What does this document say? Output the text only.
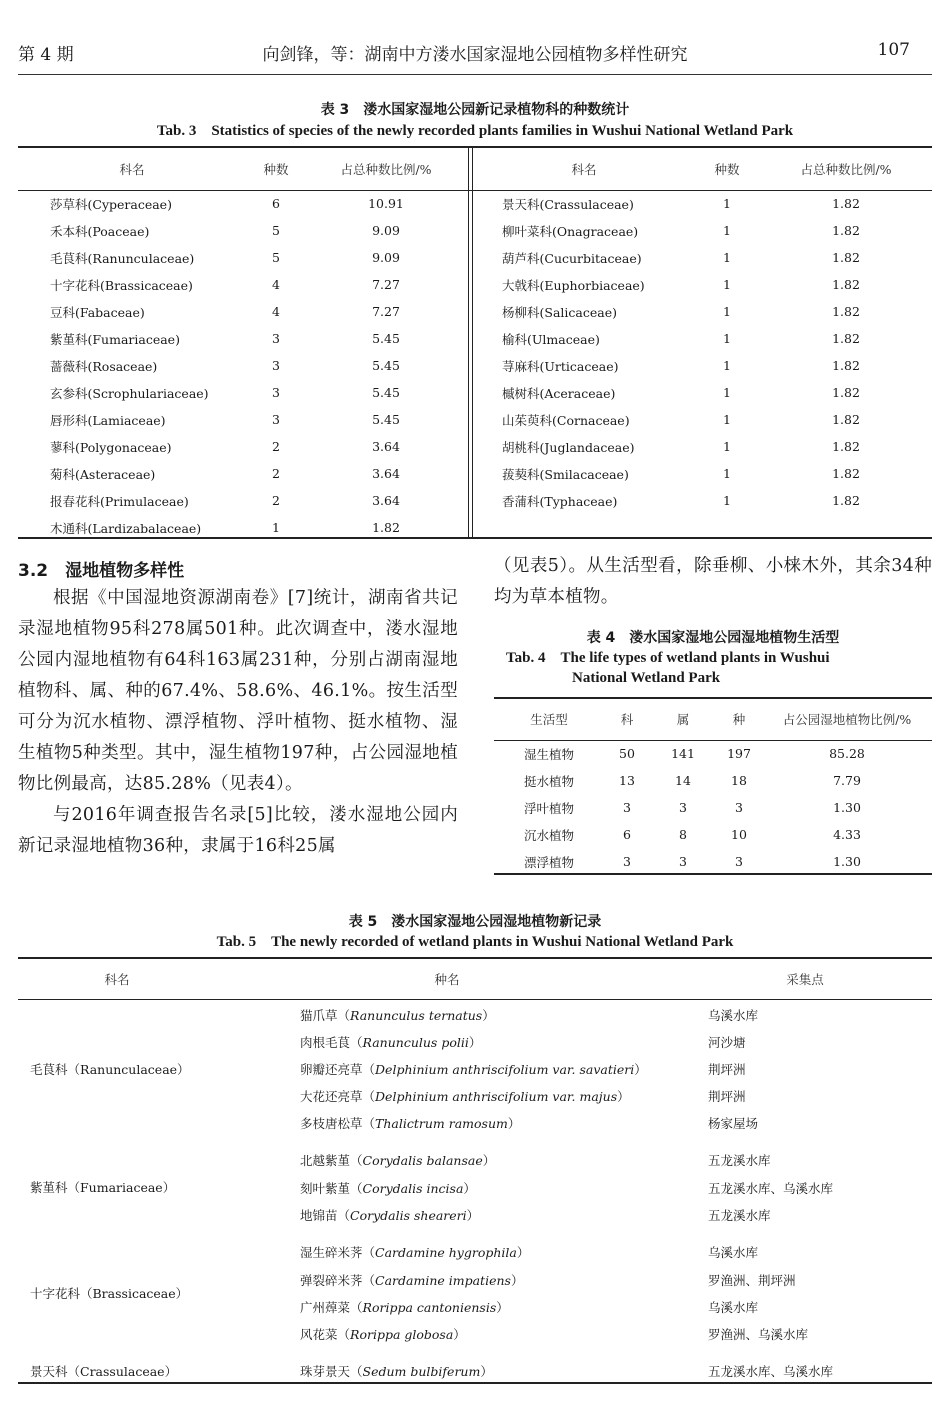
第 4 期	向剑锋，等：湖南中方溇水国家湿地公园植物多样性研究	107
表 3　溇水国家湿地公园新记录植物科的种数统计
Tab. 3　Statistics of species of the newly recorded plants families in Wushui National Wetland Park
科名	种数	占总种数比例/%	科名	种数	占总种数比例/%
莎草科(Cyperaceae)	6	10.91
禾本科(Poaceae)	5	9.09
毛茛科(Ranunculaceae)	5	9.09
十字花科(Brassicaceae)	4	7.27
豆科(Fabaceae)	4	7.27
紫堇科(Fumariaceae)	3	5.45
蔷薇科(Rosaceae)	3	5.45
玄参科(Scrophulariaceae)	3	5.45
唇形科(Lamiaceae)	3	5.45
蓼科(Polygonaceae)	2	3.64
菊科(Asteraceae)	2	3.64
报春花科(Primulaceae)	2	3.64
木通科(Lardizabalaceae)	1	1.82
景天科(Crassulaceae)	1	1.82
柳叶菜科(Onagraceae)	1	1.82
葫芦科(Cucurbitaceae)	1	1.82
大戟科(Euphorbiaceae)	1	1.82
杨柳科(Salicaceae)	1	1.82
榆科(Ulmaceae)	1	1.82
荨麻科(Urticaceae)	1	1.82
槭树科(Aceraceae)	1	1.82
山茱萸科(Cornaceae)	1	1.82
胡桃科(Juglandaceae)	1	1.82
菝葜科(Smilacaceae)	1	1.82
香蒲科(Typhaceae)	1	1.82
3.2　湿地植物多样性

根据《中国湿地资源湖南卷》[7]统计，湖南省共记录湿地植物95科278属501种。此次调查中，溇水湿地公园内湿地植物有64科163属231种，分别占湖南湿地植物科、属、种的67.4%、58.6%、46.1%。按生活型可分为沉水植物、漂浮植物、浮叶植物、挺水植物、湿生植物5种类型。其中，湿生植物197种，占公园湿地植物比例最高，达85.28%（见表4）。

与2016年调查报告名录[5]比较，溇水湿地公园内新记录湿地植物36种，隶属于16科25属

（见表5）。从生活型看，除垂柳、小梾木外，其余34种均为草本植物。

表 4　溇水国家湿地公园湿地植物生活型
Tab. 4　The life types of wetland plants in Wushui
National Wetland Park
生活型	科	属	种	占公园湿地植物比例/%
湿生植物	50	141	197	85.28
挺水植物	13	14	18	7.79
浮叶植物	3	3	3	1.30
沉水植物	6	8	10	4.33
漂浮植物	3	3	3	1.30
表 5　溇水国家湿地公园湿地植物新记录
Tab. 5　The newly recorded of wetland plants in Wushui National Wetland Park
科名	种名	采集点
毛茛科（Ranunculaceae）	猫爪草（Ranunculus ternatus）	乌溪水库
	肉根毛茛（Ranunculus polii）	河沙塘
	卵瓣还亮草（Delphinium anthriscifolium var. savatieri）	荆坪洲
	大花还亮草（Delphinium anthriscifolium var. majus）	荆坪洲
	多枝唐松草（Thalictrum ramosum）	杨家屋场
紫堇科（Fumariaceae）	北越紫堇（Corydalis balansae）	五龙溪水库
	刻叶紫堇（Corydalis incisa）	五龙溪水库、乌溪水库
	地锦苗（Corydalis sheareri）	五龙溪水库
十字花科（Brassicaceae）	湿生碎米荠（Cardamine hygrophila）	乌溪水库
	弹裂碎米荠（Cardamine impatiens）	罗渔洲、荆坪洲
	广州蔊菜（Rorippa cantoniensis）	乌溪水库
	风花菜（Rorippa globosa）	罗渔洲、乌溪水库
景天科（Crassulaceae）	珠芽景天（Sedum bulbiferum）	五龙溪水库、乌溪水库
